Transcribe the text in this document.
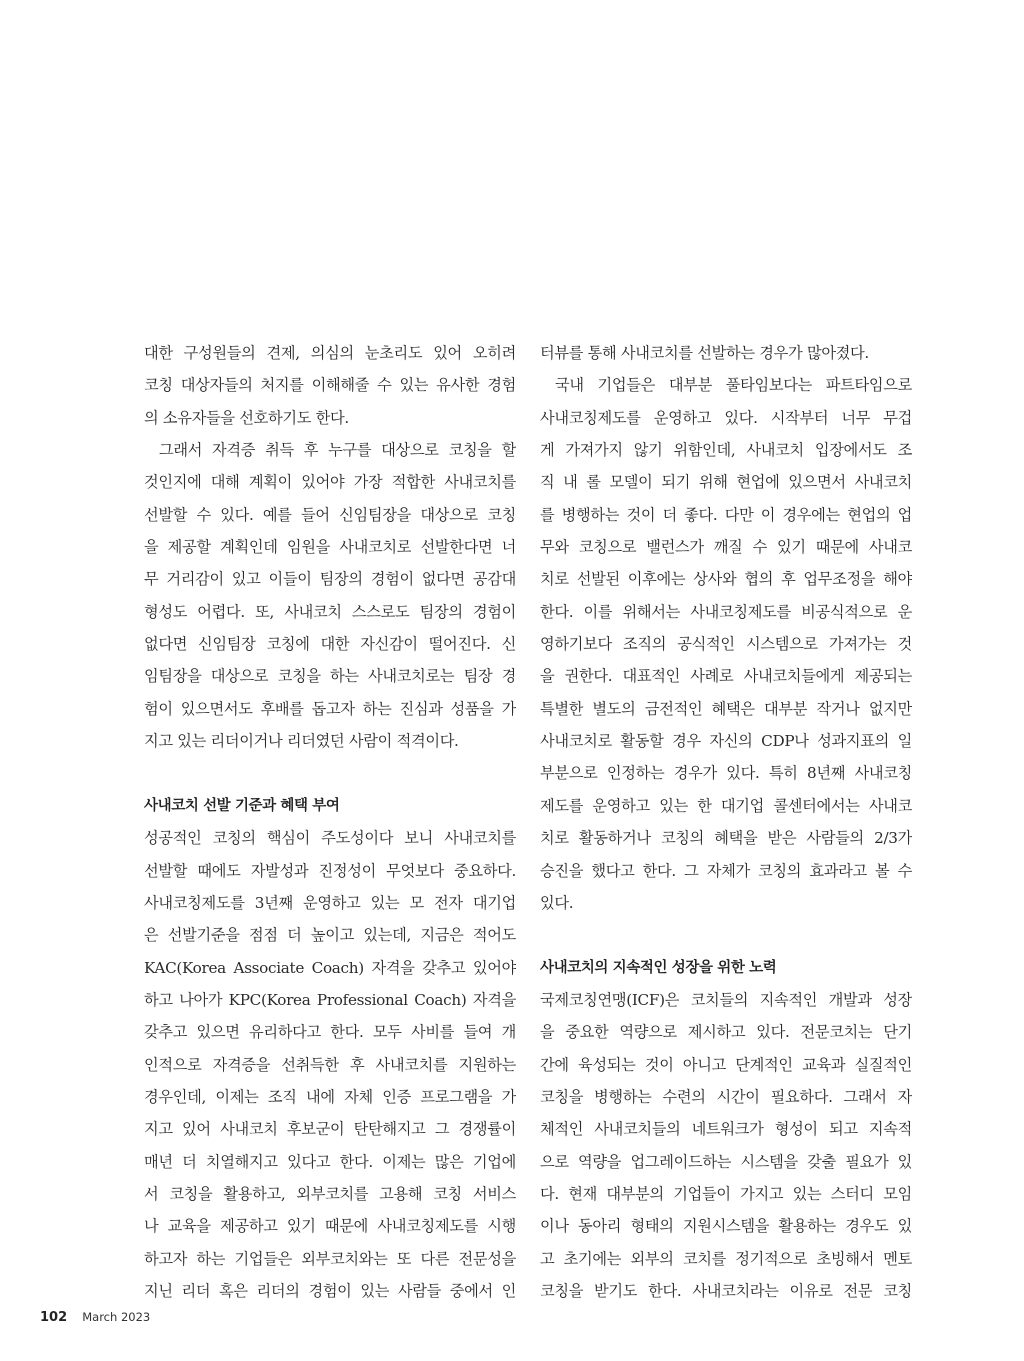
대한 구성원들의 견제, 의심의 눈초리도 있어 오히려
코칭 대상자들의 처지를 이해해줄 수 있는 유사한 경험
의 소유자들을 선호하기도 한다.

그래서 자격증 취득 후 누구를 대상으로 코칭을 할
것인지에 대해 계획이 있어야 가장 적합한 사내코치를
선발할 수 있다. 예를 들어 신임팀장을 대상으로 코칭
을 제공할 계획인데 임원을 사내코치로 선발한다면 너
무 거리감이 있고 이들이 팀장의 경험이 없다면 공감대
형성도 어렵다. 또, 사내코치 스스로도 팀장의 경험이
없다면 신임팀장 코칭에 대한 자신감이 떨어진다. 신
임팀장을 대상으로 코칭을 하는 사내코치로는 팀장 경
험이 있으면서도 후배를 돕고자 하는 진심과 성품을 가
지고 있는 리더이거나 리더였던 사람이 적격이다.

사내코치 선발 기준과 혜택 부여

성공적인 코칭의 핵심이 주도성이다 보니 사내코치를
선발할 때에도 자발성과 진정성이 무엇보다 중요하다.
사내코칭제도를 3년째 운영하고 있는 모 전자 대기업
은 선발기준을 점점 더 높이고 있는데, 지금은 적어도
KAC(Korea Associate Coach) 자격을 갖추고 있어야
하고 나아가 KPC(Korea Professional Coach) 자격을
갖추고 있으면 유리하다고 한다. 모두 사비를 들여 개
인적으로 자격증을 선취득한 후 사내코치를 지원하는
경우인데, 이제는 조직 내에 자체 인증 프로그램을 가
지고 있어 사내코치 후보군이 탄탄해지고 그 경쟁률이
매년 더 치열해지고 있다고 한다. 이제는 많은 기업에
서 코칭을 활용하고, 외부코치를 고용해 코칭 서비스
나 교육을 제공하고 있기 때문에 사내코칭제도를 시행
하고자 하는 기업들은 외부코치와는 또 다른 전문성을
지닌 리더 혹은 리더의 경험이 있는 사람들 중에서 인

터뷰를 통해 사내코치를 선발하는 경우가 많아졌다.

국내 기업들은 대부분 풀타임보다는 파트타임으로
사내코칭제도를 운영하고 있다. 시작부터 너무 무겁
게 가져가지 않기 위함인데, 사내코치 입장에서도 조
직 내 롤 모델이 되기 위해 현업에 있으면서 사내코치
를 병행하는 것이 더 좋다. 다만 이 경우에는 현업의 업
무와 코칭으로 밸런스가 깨질 수 있기 때문에 사내코
치로 선발된 이후에는 상사와 협의 후 업무조정을 해야
한다. 이를 위해서는 사내코칭제도를 비공식적으로 운
영하기보다 조직의 공식적인 시스템으로 가져가는 것
을 권한다. 대표적인 사례로 사내코치들에게 제공되는
특별한 별도의 금전적인 혜택은 대부분 작거나 없지만
사내코치로 활동할 경우 자신의 CDP나 성과지표의 일
부분으로 인정하는 경우가 있다. 특히 8년째 사내코칭
제도를 운영하고 있는 한 대기업 콜센터에서는 사내코
치로 활동하거나 코칭의 혜택을 받은 사람들의 2/3가
승진을 했다고 한다. 그 자체가 코칭의 효과라고 볼 수
있다.

사내코치의 지속적인 성장을 위한 노력

국제코칭연맹(ICF)은 코치들의 지속적인 개발과 성장
을 중요한 역량으로 제시하고 있다. 전문코치는 단기
간에 육성되는 것이 아니고 단계적인 교육과 실질적인
코칭을 병행하는 수련의 시간이 필요하다. 그래서 자
체적인 사내코치들의 네트워크가 형성이 되고 지속적
으로 역량을 업그레이드하는 시스템을 갖출 필요가 있
다. 현재 대부분의 기업들이 가지고 있는 스터디 모임
이나 동아리 형태의 지원시스템을 활용하는 경우도 있
고 초기에는 외부의 코치를 정기적으로 초빙해서 멘토
코칭을 받기도 한다. 사내코치라는 이유로 전문 코칭

102 March 2023
